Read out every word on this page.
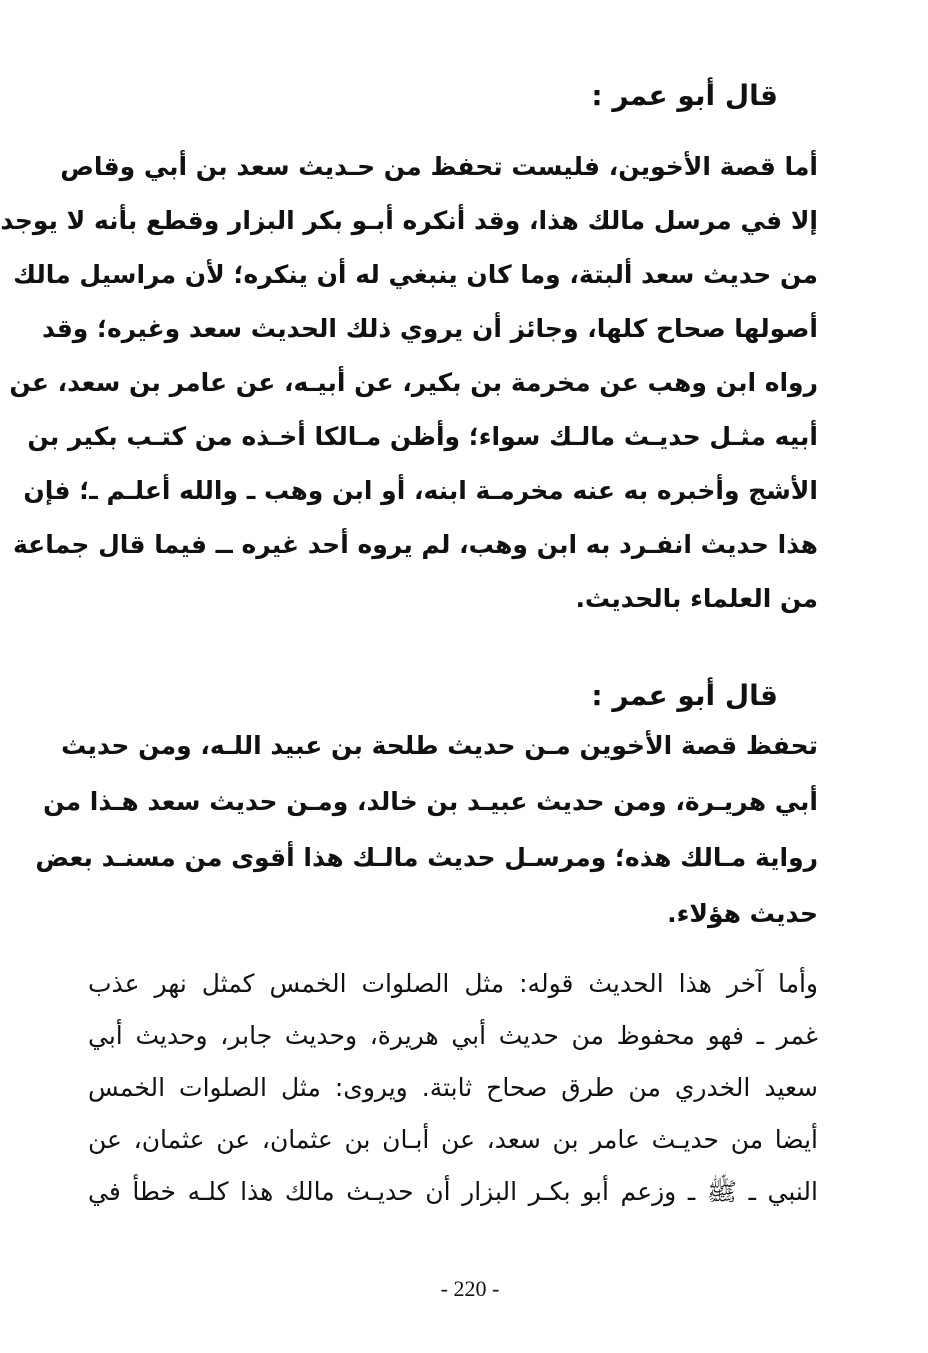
قال أبو عمر :
أما قصة الأخوين، فليست تحفظ من حـديث سعد بن أبي وقاص
إلا في مرسل مالك هذا، وقد أنكره أبـو بكر البزار وقطع بأنه لا يوجد
من حديث سعد ألبتة، وما كان ينبغي له أن ينكره؛ لأن مراسيل مالك
أصولها صحاح كلها، وجائز أن يروي ذلك الحديث سعد وغيره؛ وقد
رواه ابن وهب عن مخرمة بن بكير، عن أبيـه، عن عامر بن سعد، عن
أبيه مثـل حديـث مالـك سواء؛ وأظن مـالكا أخـذه من كتـب بكير بن
الأشج وأخبره به عنه مخرمـة ابنه، أو ابن وهب ـ والله أعلـم ـ؛ فإن
هذا حديث انفـرد به ابن وهب، لم يروه أحد غيره ــ فيما قال جماعة
من العلماء بالحديث.
قال أبو عمر :
تحفظ قصة الأخوين مـن حديث طلحة بن عبيد اللـه، ومن حديث
أبي هريـرة، ومن حديث عبيـد بن خالد، ومـن حديث سعد هـذا من
رواية مـالك هذه؛ ومرسـل حديث مالـك هذا أقوى من مسنـد بعض
حديث هؤلاء.
وأما آخر هذا الحديث قوله: مثل الصلوات الخمس كمثل نهر عذب
غمر ـ فهو محفوظ من حديث أبي هريرة، وحديث جابر، وحديث أبي
سعيد الخدري من طرق صحاح ثابتة. ويروى: مثل الصلوات الخمس
أيضا من حديـث عامر بن سعد، عن أبـان بن عثمان، عن عثمان، عن
النبي ـ ﷺ ـ وزعم أبو بكـر البزار أن حديـث مالك هذا كلـه خطأ في
- 220 -
